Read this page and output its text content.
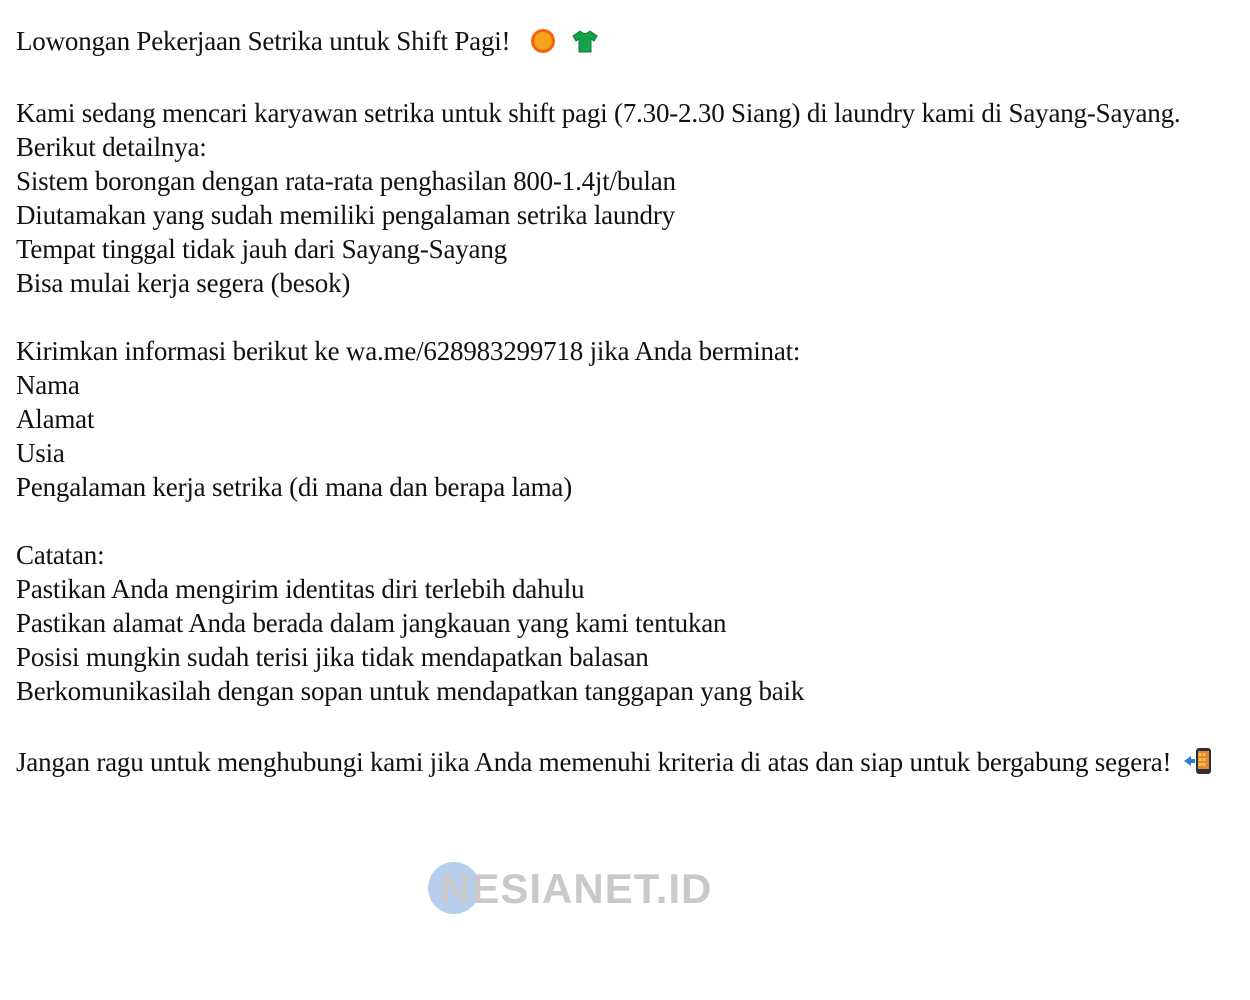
Lowongan Pekerjaan Setrika untuk Shift Pagi!

Kami sedang mencari karyawan setrika untuk shift pagi (7.30-2.30 Siang) di laundry kami di Sayang-Sayang. Berikut detailnya:
Sistem borongan dengan rata-rata penghasilan 800-1.4jt/bulan
Diutamakan yang sudah memiliki pengalaman setrika laundry
Tempat tinggal tidak jauh dari Sayang-Sayang
Bisa mulai kerja segera (besok)
Kirimkan informasi berikut ke wa.me/628983299718 jika Anda berminat:
Nama
Alamat
Usia
Pengalaman kerja setrika (di mana dan berapa lama)
Catatan:
Pastikan Anda mengirim identitas diri terlebih dahulu
Pastikan alamat Anda berada dalam jangkauan yang kami tentukan
Posisi mungkin sudah terisi jika tidak mendapatkan balasan
Berkomunikasilah dengan sopan untuk mendapatkan tanggapan yang baik
Jangan ragu untuk menghubungi kami jika Anda memenuhi kriteria di atas dan siap untuk bergabung segera!
NESIANET.ID
